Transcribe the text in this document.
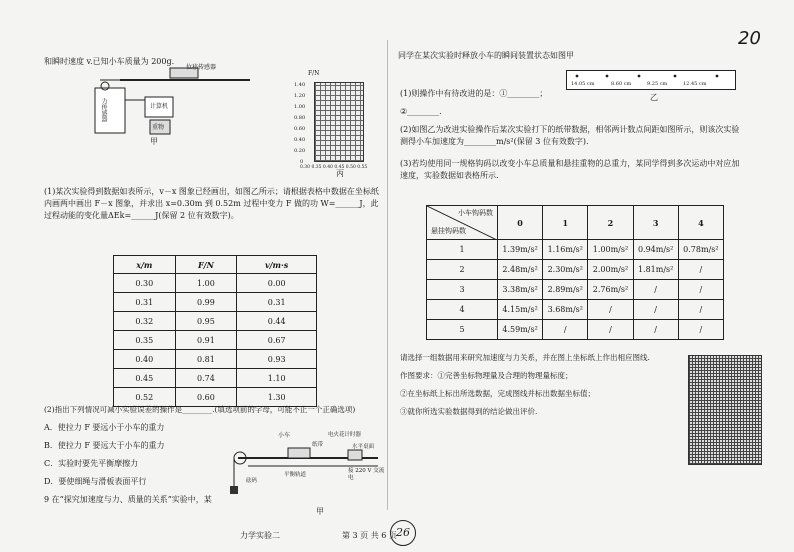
20
和瞬时速度 v.已知小车质量为 200g.
位移传感器
计算机
力传感器
重物
甲
F/N
1.40
1.20
1.00
0.80
0.60
0.40
0.20
0
0.30 0.35 0.40 0.45 0.50 0.55
丙
(1)某次实验得到数据如表所示，v－x 图象已经画出，如图乙所示；请根据表格中数据在坐标纸内画两中画出 F－x 图象，并求出 x=0.30m 到 0.52m 过程中变力 F 做的功 W=______J，此过程动能的变化量ΔEk=______J(保留 2 位有效数字)。
x/m	F/N	v/m·s
0.30	1.00	0.00
0.31	0.99	0.31
0.32	0.95	0.44
0.35	0.91	0.67
0.40	0.81	0.93
0.45	0.74	1.10
0.52	0.60	1.30
(2)指出下列情况可减小实验误差的操作是________.(填选项前的字母，可能不止一个正确选项)
A．使拉力 F 要远小于小车的重力
B．使拉力 F 要远大于小车的重力
C．实验时要先平衡摩擦力
D．要使细绳与滑板表面平行
9 在“探究加速度与力、质量的关系”实验中，某
小车	电火花计时器
纸带	水平桌面
平衡轨道
砝码
接 220 V 交流电
甲
力学实验二	第 3 页 共 6 页 26
同学在某次实验时释放小车的瞬间装置状态如图甲
14.05 cm	8.60 cm	9.25 cm	12.45 cm
乙
(1)则操作中有待改进的是：①________；
②________.
(2)如图乙为改进实验操作后某次实验打下的纸带数据，相邻两计数点间距如图所示，则该次实验测得小车加速度为________m/s²(保留 3 位有效数字).
(3)若均使用同一规格钩码以改变小车总质量和悬挂重物的总重力，某同学得到多次运动中对应加速度，实验数据如表格所示.
小车钩码数
悬挂钩码数	0	1	2	3	4
1	1.39m/s²	1.16m/s²	1.00m/s²	0.94m/s²	0.78m/s²
2	2.48m/s²	2.30m/s²	2.00m/s²	1.81m/s²	/
3	3.38m/s²	2.89m/s²	2.76m/s²	/	/
4	4.15m/s²	3.68m/s²	/	/	/
5	4.59m/s²	/	/	/	/
请选择一组数据用来研究加速度与力关系，并在图上坐标纸上作出相应图线.
作图要求：①完善坐标物理量及合理的物理量标度；
②在坐标纸上标出所选数据，完成图线并标出数据坐标值；
③就你所选实验数据得到的结论做出评价.
